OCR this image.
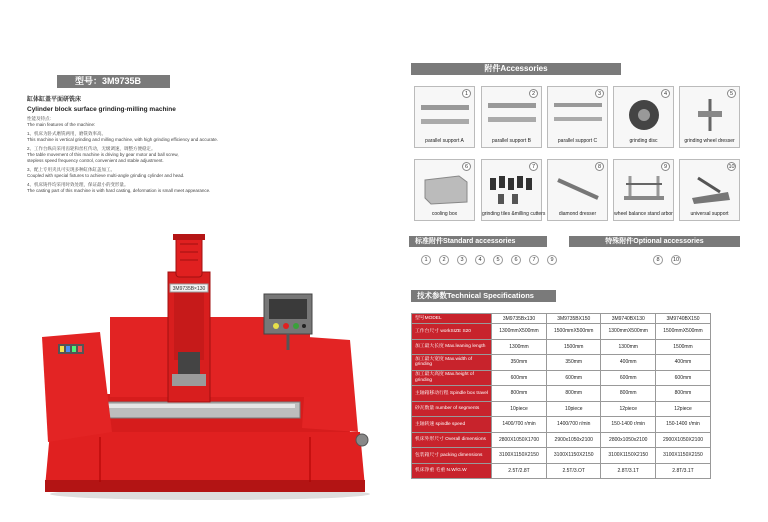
型号：3M9735B
缸体缸盖平面研铣床
Cylinder block surface grinding-milling machine
性能及特点:
The main features of the machine:
1、机床为卧式磨铣两用，磨铣效率高。
This machine is vertical grinding and milling machine, with high grinding efficiency and accurate.
2、工作台纵向采用齿轮和丝杠传动，无级调速，调整方便稳定。
The table movement of this machine is driving by gear motor and ball screw,
stepless speed frequency control, convenient and stable adjustment.
3、配上专用夹具可实现多种缸体缸盖加工。
Coupled with special fixtures to achieve multi-angle grinding cylinder and head.
4、机床铸件均采用时效处理，保证最小的变形量。
The casting part of this machine is with hard casting, deformation is small meet appearance.
3M9735B×130
附件Accessories
1
parallel support A
2
parallel support B
3
parallel support C
4
grinding disc
5
grinding wheel dresser
6
cooling box
7
grinding tiles &milling cutters
8
diamond dresser
9
wheel balance stand arbor
10
universal support
标准附件Standard accessories	特殊附件Optional accessories
1	2	3	4	5	6	7	9	8	10
技术参数Technical Specifications
型号MODEL	3M9735Bx130	3M9735BX150	3M9740BX130	3M9740BX150
工作台尺寸 workSIZE S20	1300mmX500mm	1500mmX500mm	1300mmX500mm	1500mmX500mm
加工最大长度 Max.leaning length	1300mm	1500mm	1300mm	1500mm
加工最大宽度 Max.width of grinding	350mm	350mm	400mm	400mm
加工最大高度 Max.height of grinding	600mm	600mm	600mm	600mm
主轴箱移动行程 Spindle box travel	800mm	800mm	800mm	800mm
砂瓦数量 number of segments	10piece	10piece	12piece	12piece
主轴转速 spindle speed	1400/700 r/min	1400/700 r/min	150-1400 r/min	150-1400 r/min
机床外形尺寸 Overall dimensions	2800X1050X1700	2900x1050x2100	2800x1050x2100	2900X1050X2100
包装箱尺寸 packing dimensions	3100X1150X2150	3100X1150X2150	3100X1150X2150	3100X1150X2150
机床净重 毛重 N.W/G.W	2.5T/2.8T	2.5T/3.OT	2.8T/3.1T	2.8T/3.1T
